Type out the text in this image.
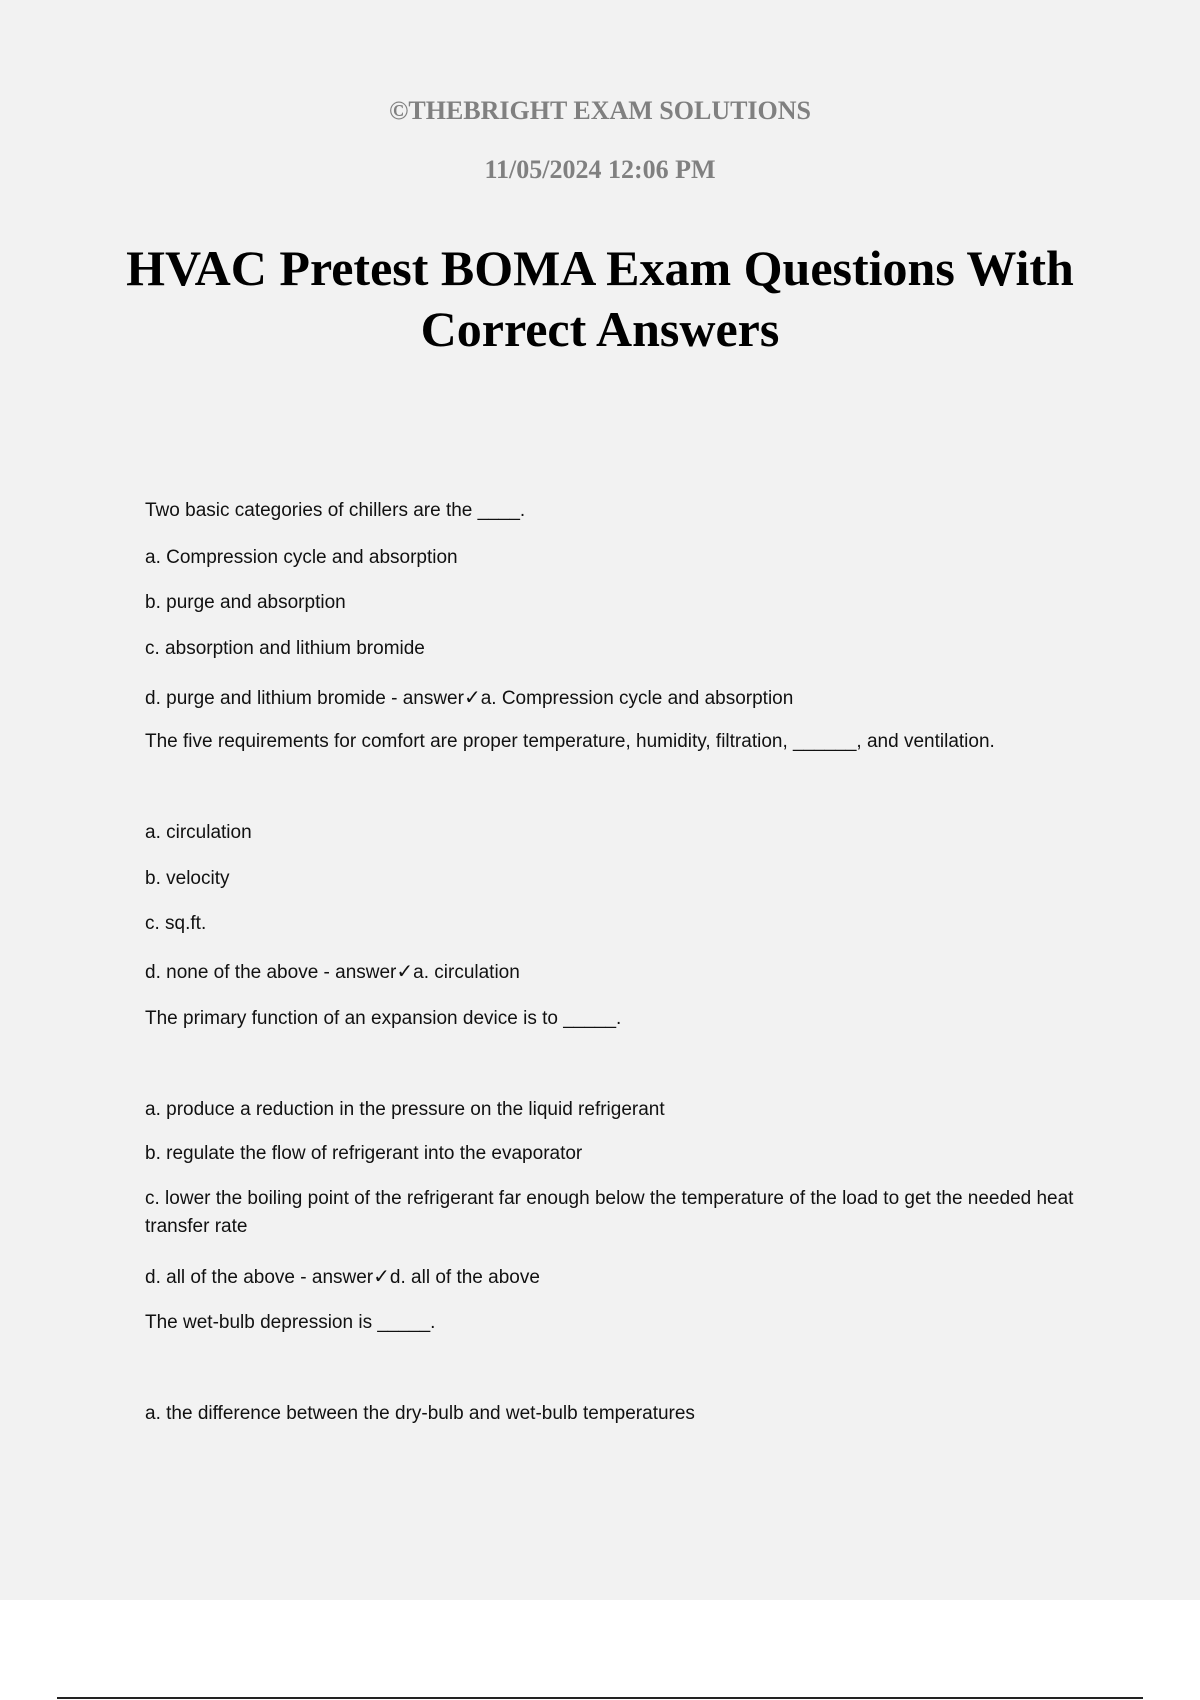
©THEBRIGHT EXAM SOLUTIONS
11/05/2024 12:06 PM
HVAC Pretest BOMA Exam Questions With
Correct Answers

Two basic categories of chillers are the ____.

a. Compression cycle and absorption

b. purge and absorption

c. absorption and lithium bromide

d. purge and lithium bromide - answer✓a. Compression cycle and absorption

The five requirements for comfort are proper temperature, humidity, filtration, ______, and ventilation.

a. circulation

b. velocity

c. sq.ft.

d. none of the above - answer✓a. circulation

The primary function of an expansion device is to _____.

a. produce a reduction in the pressure on the liquid refrigerant

b. regulate the flow of refrigerant into the evaporator

c. lower the boiling point of the refrigerant far enough below the temperature of the load to get the needed heat transfer rate

d. all of the above - answer✓d. all of the above

The wet-bulb depression is _____.

a. the difference between the dry-bulb and wet-bulb temperatures
